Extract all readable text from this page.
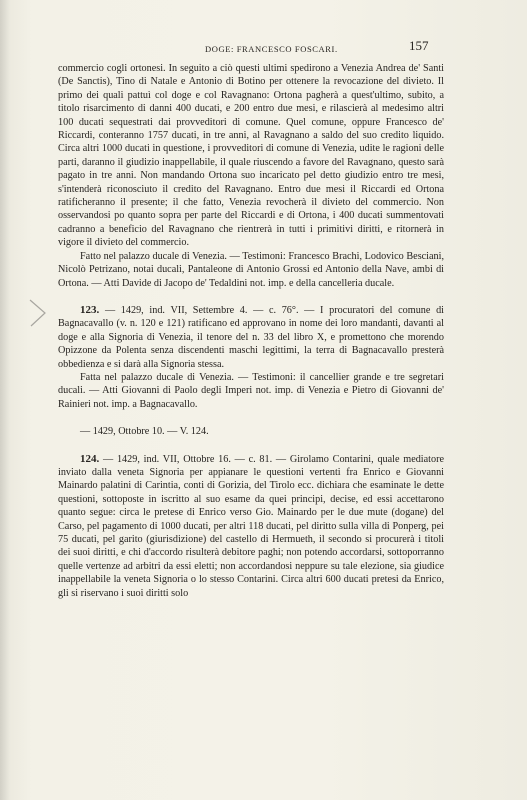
DOGE: FRANCESCO FOSCARI.	157

commercio cogli ortonesi. In seguito a ciò questi ultimi spedirono a Venezia Andrea de' Santi (De Sanctis), Tino di Natale e Antonio di Botino per ottenere la revocazione del divieto. Il primo dei quali pattuì col doge e col Ravagnano: Ortona pagherà a quest'ultimo, subito, a titolo risarcimento di danni 400 ducati, e 200 entro due mesi, e rilascierà al medesimo altri 100 ducati sequestrati dai provveditori di comune. Quel comune, oppure Francesco de' Riccardi, conteranno 1757 ducati, in tre anni, al Ravagnano a saldo del suo credito liquido. Circa altri 1000 ducati in questione, i provveditori di comune di Venezia, udite le ragioni delle parti, daranno il giudizio inappellabile, il quale riuscendo a favore del Ravagnano, questo sarà pagato in tre anni. Non mandando Ortona suo incaricato pel detto giudizio entro tre mesi, s'intenderà riconosciuto il credito del Ravagnano. Entro due mesi il Riccardi ed Ortona ratificheranno il presente; il che fatto, Venezia revocherà il divieto del commercio. Non osservandosi po quanto sopra per parte del Riccardi e di Ortona, i 400 ducati summentovati cadranno a beneficio del Ravagnano che rientrerà in tutti i primitivi diritti, e ritornerà in vigore il divieto del commercio.

Fatto nel palazzo ducale di Venezia. — Testimoni: Francesco Brachi, Lodovico Besciani, Nicolò Petrizano, notai ducali, Pantaleone di Antonio Grossi ed Antonio della Nave, ambi di Ortona. — Atti Davide di Jacopo de' Tedaldini not. imp. e della cancelleria ducale.

123. — 1429, ind. VII, Settembre 4. — c. 76°. — I procuratori del comune di Bagnacavallo (v. n. 120 e 121) ratificano ed approvano in nome dei loro mandanti, davanti al doge e alla Signoria di Venezia, il tenore del n. 33 del libro X, e promettono che morendo Opizzone da Polenta senza discendenti maschi legittimi, la terra di Bagnacavallo presterà obbedienza e si darà alla Signoria stessa.

Fatta nel palazzo ducale di Venezia. — Testimoni: il cancellier grande e tre segretari ducali. — Atti Giovanni di Paolo degli Imperi not. imp. di Venezia e Pietro di Giovanni de' Rainieri not. imp. a Bagnacavallo.

— 1429, Ottobre 10. — V. 124.

124. — 1429, ind. VII, Ottobre 16. — c. 81. — Girolamo Contarini, quale mediatore inviato dalla veneta Signoria per appianare le questioni vertenti fra Enrico e Giovanni Mainardo palatini di Carintia, conti di Gorizia, del Tirolo ecc. dichiara che esaminate le dette questioni, sottoposte in iscritto al suo esame da quei principi, decise, ed essi accettarono quanto segue: circa le pretese di Enrico verso Gio. Mainardo per le due mute (dogane) del Carso, pel pagamento di 1000 ducati, per altri 118 ducati, pel diritto sulla villa di Ponperg, pei 75 ducati, pel garito (giurisdizione) del castello di Hermueth, il secondo si procurerà i titoli dei suoi diritti, e chi d'accordo risulterà debitore paghi; non potendo accordarsi, sottoporranno quelle vertenze ad arbitri da essi eletti; non accordandosi neppure su tale elezione, sia giudice inappellabile la veneta Signoria o lo stesso Contarini. Circa altri 600 ducati pretesi da Enrico, gli si riservano i suoi diritti solo
